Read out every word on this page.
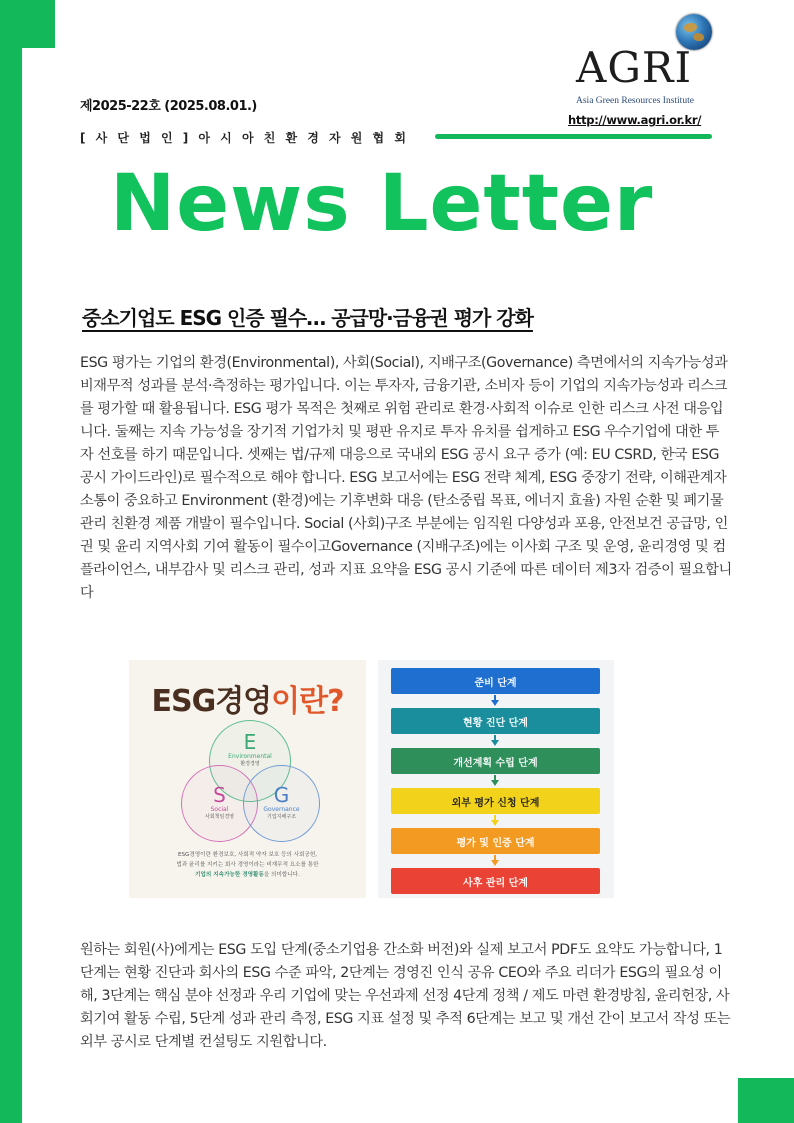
제2025-22호 (2025.08.01.)
[ 사 단 법 인 ] 아 시 아 친 환 경 자 원 협 회
AGRI
Asia Green Resources Institute
http://www.agri.or.kr/
News Letter
중소기업도 ESG 인증 필수… 공급망·금융권 평가 강화
ESG 평가는 기업의 환경(Environmental), 사회(Social), 지배구조(Governance) 측면에서의 지속가능성과 비재무적 성과를 분석·측정하는 평가입니다. 이는 투자자, 금융기관, 소비자 등이 기업의 지속가능성과 리스크를 평가할 때 활용됩니다. ESG 평가 목적은 첫째로 위험 관리로 환경·사회적 이슈로 인한 리스크 사전 대응입니다. 둘째는 지속 가능성을 장기적 기업가치 및 평판 유지로 투자 유치를 쉽게하고 ESG 우수기업에 대한 투자 선호를 하기 때문입니다. 셋째는 법/규제 대응으로 국내외 ESG 공시 요구 증가 (예: EU CSRD, 한국 ESG 공시 가이드라인)로 필수적으로 해야 합니다. ESG 보고서에는 ESG 전략 체계, ESG 중장기 전략, 이해관계자 소통이 중요하고 Environment (환경)에는 기후변화 대응 (탄소중립 목표, 에너지 효율) 자원 순환 및 폐기물 관리 친환경 제품 개발이 필수입니다. Social (사회)구조 부분에는 임직원 다양성과 포용, 안전보건 공급망, 인권 및 윤리 지역사회 기여 활동이 필수이고Governance (지배구조)에는 이사회 구조 및 운영, 윤리경영 및 컴플라이언스, 내부감사 및 리스크 관리, 성과 지표 요약을 ESG 공시 기준에 따른 데이터 제3자 검증이 필요합니다
ESG경영이란?
E
Environmental
환경경영
S
Social
사회책임경영
G
Governance
기업지배구조
ESG경영이란 환경보호, 사회적 약자 보호 등의 사회공헌,
법과 윤리를 지키는 회사 경영이라는 비재무적 요소를 통한
기업의 지속가능한 경영활동을 의미합니다.
준비 단계
현황 진단 단계
개선계획 수립 단계
외부 평가 신청 단계
평가 및 인증 단계
사후 관리 단계
원하는 회원(사)에게는 ESG 도입 단계(중소기업용 간소화 버전)와 실제 보고서 PDF도 요약도 가능합니다, 1단계는 현황 진단과 회사의 ESG 수준 파악, 2단계는 경영진 인식 공유 CEO와 주요 리더가 ESG의 필요성 이해, 3단계는 핵심 분야 선정과 우리 기업에 맞는 우선과제 선정 4단계 정책 / 제도 마련 환경방침, 윤리헌장, 사회기여 활동 수립, 5단계 성과 관리 측정, ESG 지표 설정 및 추적 6단계는 보고 및 개선 간이 보고서 작성 또는 외부 공시로 단계별 컨설팅도 지원합니다.
